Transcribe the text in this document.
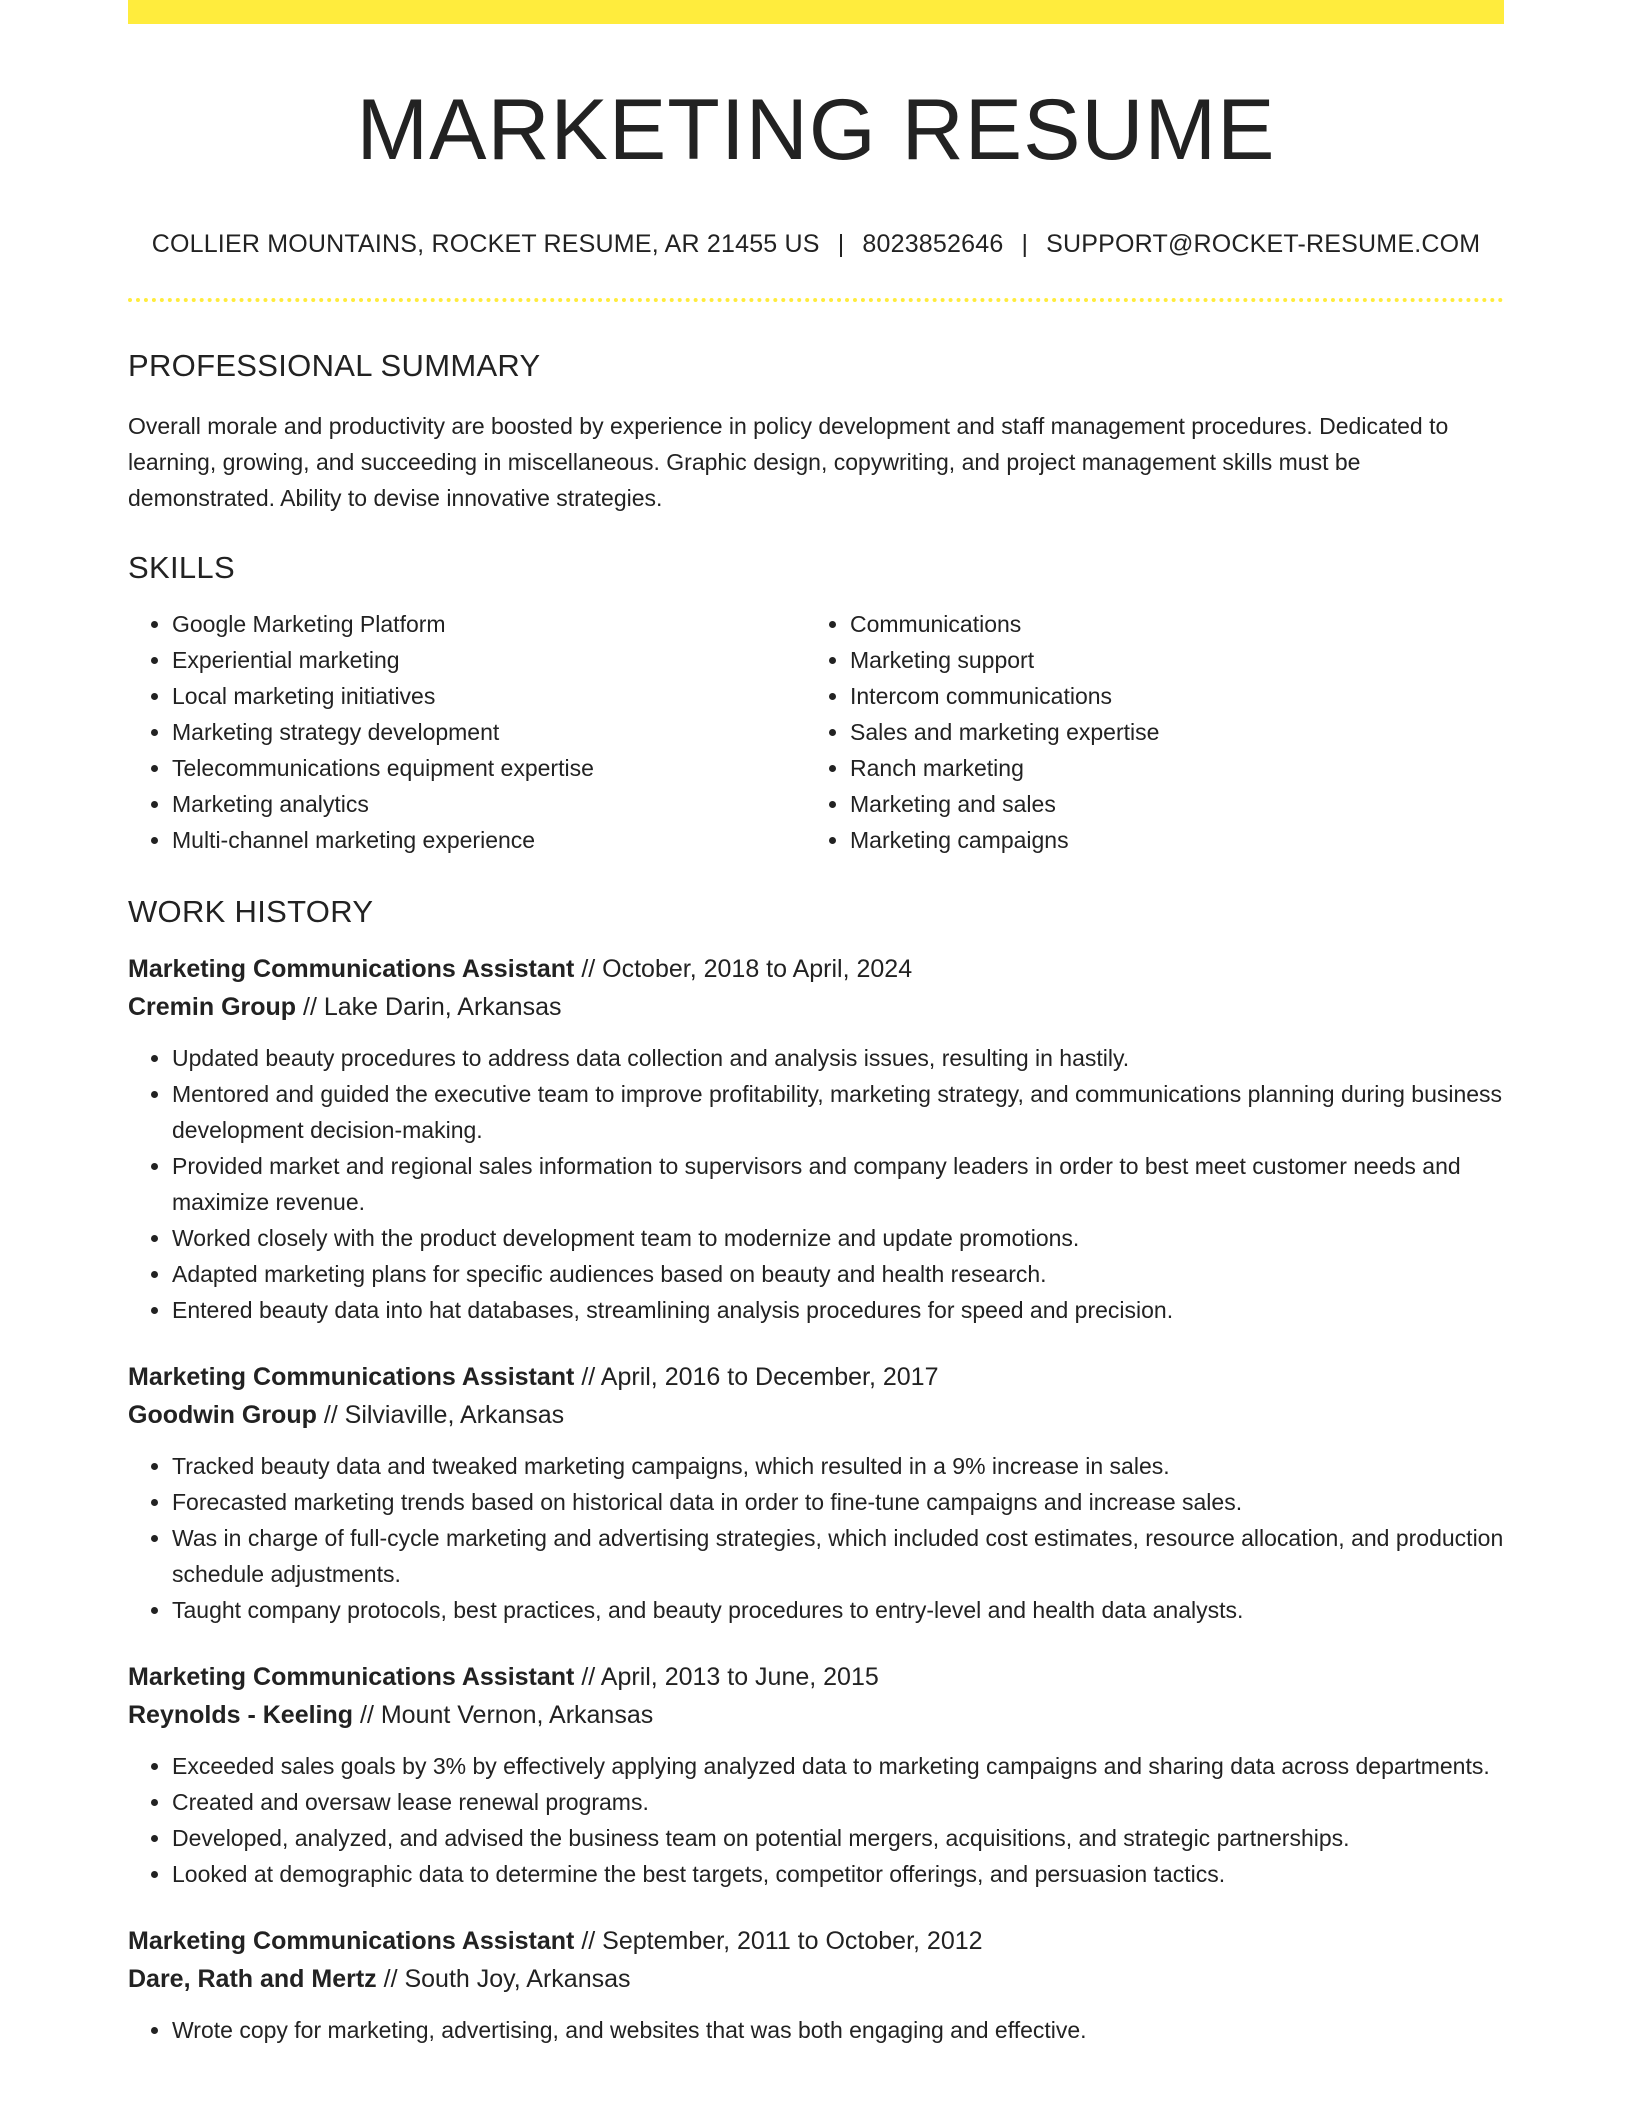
MARKETING RESUME
COLLIER MOUNTAINS, ROCKET RESUME, AR 21455 US | 8023852646 | SUPPORT@ROCKET-RESUME.COM
PROFESSIONAL SUMMARY
Overall morale and productivity are boosted by experience in policy development and staff management procedures. Dedicated to learning, growing, and succeeding in miscellaneous. Graphic design, copywriting, and project management skills must be demonstrated. Ability to devise innovative strategies.
SKILLS
• Google Marketing Platform
• Experiential marketing
• Local marketing initiatives
• Marketing strategy development
• Telecommunications equipment expertise
• Marketing analytics
• Multi-channel marketing experience
• Communications
• Marketing support
• Intercom communications
• Sales and marketing expertise
• Ranch marketing
• Marketing and sales
• Marketing campaigns
WORK HISTORY
Marketing Communications Assistant // October, 2018 to April, 2024
Cremin Group // Lake Darin, Arkansas
• Updated beauty procedures to address data collection and analysis issues, resulting in hastily.
• Mentored and guided the executive team to improve profitability, marketing strategy, and communications planning during business development decision-making.
• Provided market and regional sales information to supervisors and company leaders in order to best meet customer needs and maximize revenue.
• Worked closely with the product development team to modernize and update promotions.
• Adapted marketing plans for specific audiences based on beauty and health research.
• Entered beauty data into hat databases, streamlining analysis procedures for speed and precision.
Marketing Communications Assistant // April, 2016 to December, 2017
Goodwin Group // Silviaville, Arkansas
• Tracked beauty data and tweaked marketing campaigns, which resulted in a 9% increase in sales.
• Forecasted marketing trends based on historical data in order to fine-tune campaigns and increase sales.
• Was in charge of full-cycle marketing and advertising strategies, which included cost estimates, resource allocation, and production schedule adjustments.
• Taught company protocols, best practices, and beauty procedures to entry-level and health data analysts.
Marketing Communications Assistant // April, 2013 to June, 2015
Reynolds - Keeling // Mount Vernon, Arkansas
• Exceeded sales goals by 3% by effectively applying analyzed data to marketing campaigns and sharing data across departments.
• Created and oversaw lease renewal programs.
• Developed, analyzed, and advised the business team on potential mergers, acquisitions, and strategic partnerships.
• Looked at demographic data to determine the best targets, competitor offerings, and persuasion tactics.
Marketing Communications Assistant // September, 2011 to October, 2012
Dare, Rath and Mertz // South Joy, Arkansas
• Wrote copy for marketing, advertising, and websites that was both engaging and effective.
